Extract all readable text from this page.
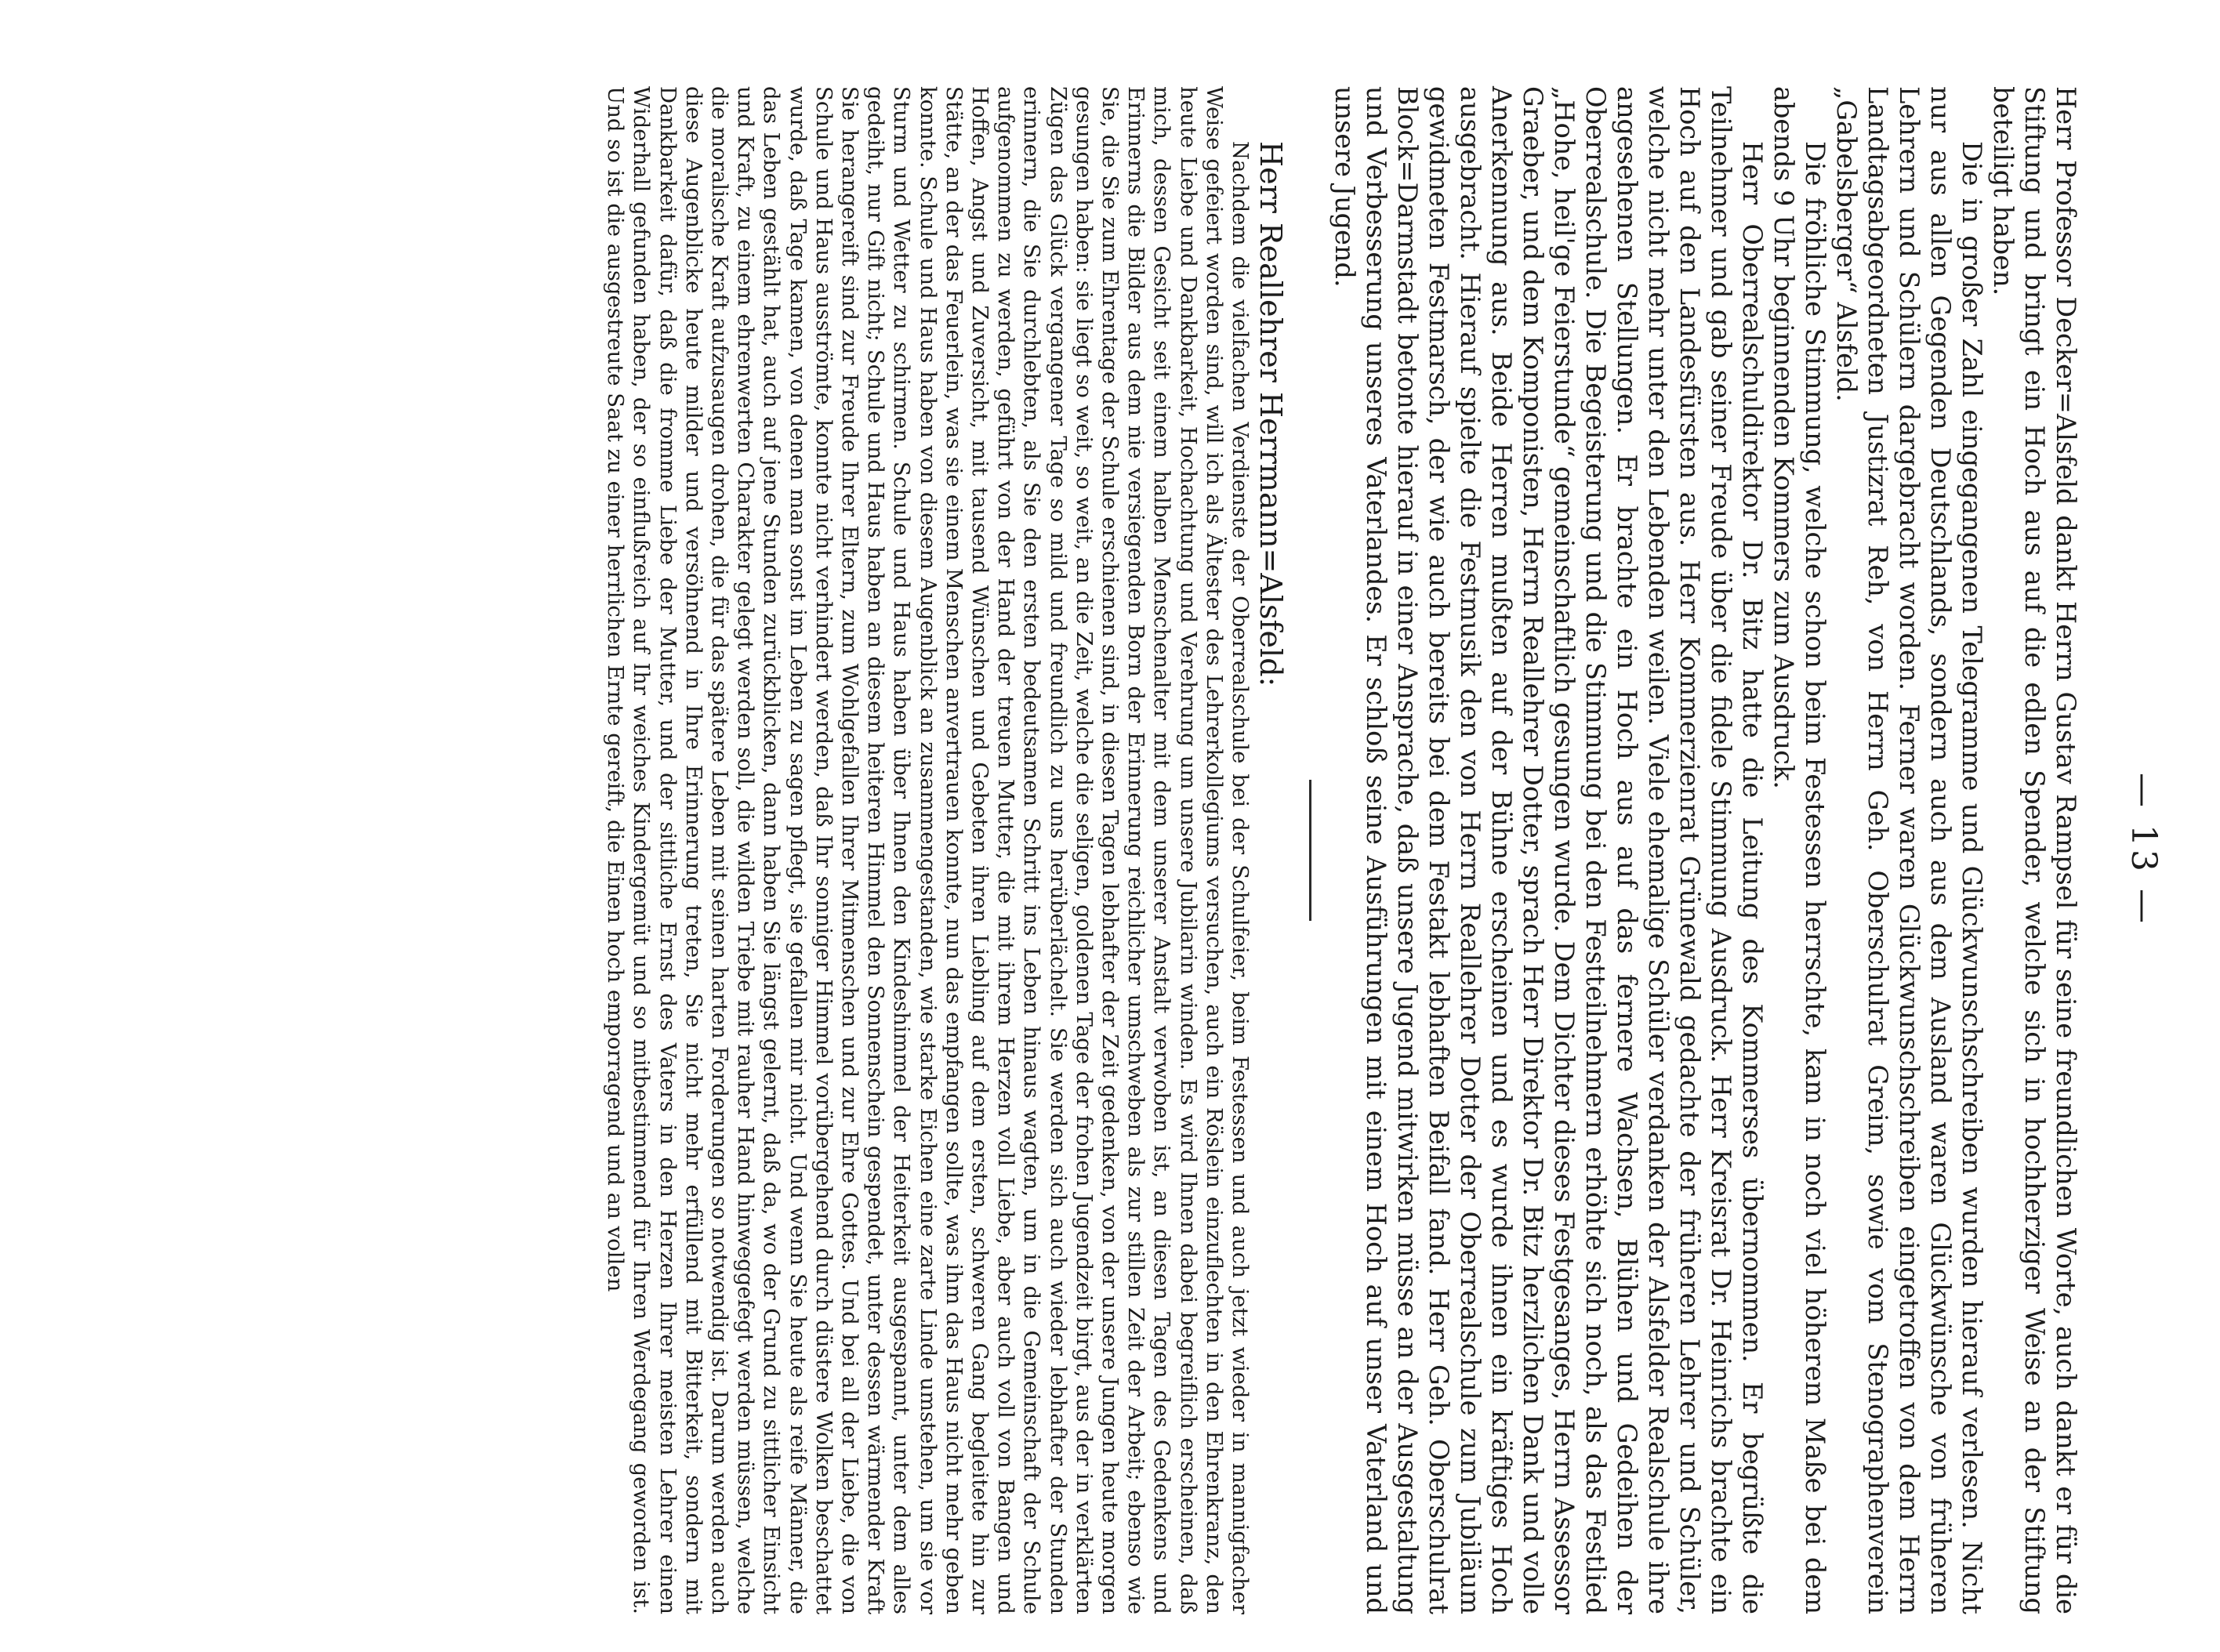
— 13 —

Herr Professor Decker=Alsfeld dankt Herrn Gustav Rampsel für seine freundlichen Worte, auch dankt er für die Stiftung und bringt ein Hoch aus auf die edlen Spender, welche sich in hochherziger Weise an der Stiftung beteiligt haben.

Die in großer Zahl eingegangenen Telegramme und Glückwunschschreiben wurden hierauf verlesen. Nicht nur aus allen Gegenden Deutschlands, sondern auch aus dem Ausland waren Glückwünsche von früheren Lehrern und Schülern dargebracht worden. Ferner waren Glückwunschschreiben eingetroffen von dem Herrn Landtagsabgeordneten Justizrat Reh, von Herrn Geh. Oberschulrat Greim, sowie vom Stenographenverein „Gabelsberger“ Alsfeld.

Die fröhliche Stimmung, welche schon beim Festessen herrschte, kam in noch viel höherem Maße bei dem abends 9 Uhr beginnenden Kommers zum Ausdruck.

Herr Oberrealschuldirektor Dr. Bitz hatte die Leitung des Kommerses übernommen. Er begrüßte die Teilnehmer und gab seiner Freude über die fidele Stimmung Ausdruck. Herr Kreisrat Dr. Heinrichs brachte ein Hoch auf den Landesfürsten aus. Herr Kommerzienrat Grünewald gedachte der früheren Lehrer und Schüler, welche nicht mehr unter den Lebenden weilen. Viele ehemalige Schüler verdanken der Alsfelder Realschule ihre angesehenen Stellungen. Er brachte ein Hoch aus auf das fernere Wachsen, Blühen und Gedeihen der Oberrealschule. Die Begeisterung und die Stimmung bei den Festteilnehmern erhöhte sich noch, als das Festlied „Hohe, heil'ge Feierstunde“ gemeinschaftlich gesungen wurde. Dem Dichter dieses Festgesanges, Herrn Assessor Graeber, und dem Komponisten, Herrn Reallehrer Dotter, sprach Herr Direktor Dr. Bitz herzlichen Dank und volle Anerkennung aus. Beide Herren mußten auf der Bühne erscheinen und es wurde ihnen ein kräftiges Hoch ausgebracht. Hierauf spielte die Festmusik den von Herrn Reallehrer Dotter der Oberrealschule zum Jubiläum gewidmeten Festmarsch, der wie auch bereits bei dem Festakt lebhaften Beifall fand. Herr Geh. Oberschulrat Block=Darmstadt betonte hierauf in einer Ansprache, daß unsere Jugend mitwirken müsse an der Ausgestaltung und Verbesserung unseres Vaterlandes. Er schloß seine Ausführungen mit einem Hoch auf unser Vaterland und unsere Jugend.

Herr Reallehrer Herrmann=Alsfeld:

Nachdem die vielfachen Verdienste der Oberrealschule bei der Schulfeier, beim Festessen und auch jetzt wieder in mannigfacher Weise gefeiert worden sind, will ich als Ältester des Lehrerkollegiums versuchen, auch ein Röslein einzuflechten in den Ehrenkranz, den heute Liebe und Dankbarkeit, Hochachtung und Verehrung um unsere Jubilarin winden. Es wird Ihnen dabei begreiflich erscheinen, daß mich, dessen Gesicht seit einem halben Menschenalter mit dem unserer Anstalt verwoben ist, an diesen Tagen des Gedenkens und Erinnerns die Bilder aus dem nie versiegenden Born der Erinnerung reichlicher umschweben als zur stillen Zeit der Arbeit; ebenso wie Sie, die Sie zum Ehrentage der Schule erschienen sind, in diesen Tagen lebhafter der Zeit gedenken, von der unsere Jungen heute morgen gesungen haben: sie liegt so weit, so weit, an die Zeit, welche die seligen, goldenen Tage der frohen Jugendzeit birgt, aus der in verklärten Zügen das Glück vergangener Tage so mild und freundlich zu uns herüberlächelt. Sie werden sich auch wieder lebhafter der Stunden erinnern, die Sie durchlebten, als Sie den ersten bedeutsamen Schritt ins Leben hinaus wagten, um in die Gemeinschaft der Schule aufgenommen zu werden, geführt von der Hand der treuen Mutter, die mit ihrem Herzen voll Liebe, aber auch voll von Bangen und Hoffen, Angst und Zuversicht, mit tausend Wünschen und Gebeten ihren Liebling auf dem ersten, schweren Gang begleitete hin zur Stätte, an der das Feuerlein, was sie einem Menschen anvertrauen konnte, nun das empfangen sollte, was ihm das Haus nicht mehr geben konnte. Schule und Haus haben von diesem Augenblick an zusammengestanden, wie starke Eichen eine zarte Linde umstehen, um sie vor Sturm und Wetter zu schirmen. Schule und Haus haben über Ihnen den Kindeshimmel der Heiterkeit ausgespannt, unter dem alles gedeiht, nur Gift nicht; Schule und Haus haben an diesem heiteren Himmel den Sonnenschein gespendet, unter dessen wärmender Kraft Sie herangereift sind zur Freude Ihrer Eltern, zum Wohlgefallen Ihrer Mitmenschen und zur Ehre Gottes. Und bei all der Liebe, die von Schule und Haus ausströmte, konnte nicht verhindert werden, daß Ihr sonniger Himmel vorübergehend durch düstere Wolken beschattet wurde, daß Tage kamen, von denen man sonst im Leben zu sagen pflegt, sie gefallen mir nicht. Und wenn Sie heute als reife Männer, die das Leben gestählt hat, auch auf jene Stunden zurückblicken, dann haben Sie längst gelernt, daß da, wo der Grund zu sittlicher Einsicht und Kraft, zu einem ehrenwerten Charakter gelegt werden soll, die wilden Triebe mit rauher Hand hinweggefegt werden müssen, welche die moralische Kraft aufzusaugen drohen, die für das spätere Leben mit seinen harten Forderungen so notwendig ist. Darum werden auch diese Augenblicke heute milder und versöhnend in Ihre Erinnerung treten, Sie nicht mehr erfüllend mit Bitterkeit, sondern mit Dankbarkeit dafür, daß die fromme Liebe der Mutter, und der sittliche Ernst des Vaters in den Herzen Ihrer meisten Lehrer einen Widerhall gefunden haben, der so einflußreich auf Ihr weiches Kindergemüt und so mitbestimmend für Ihren Werdegang geworden ist. Und so ist die ausgestreute Saat zu einer herrlichen Ernte gereift, die Einen hoch emporragend und an vollen
